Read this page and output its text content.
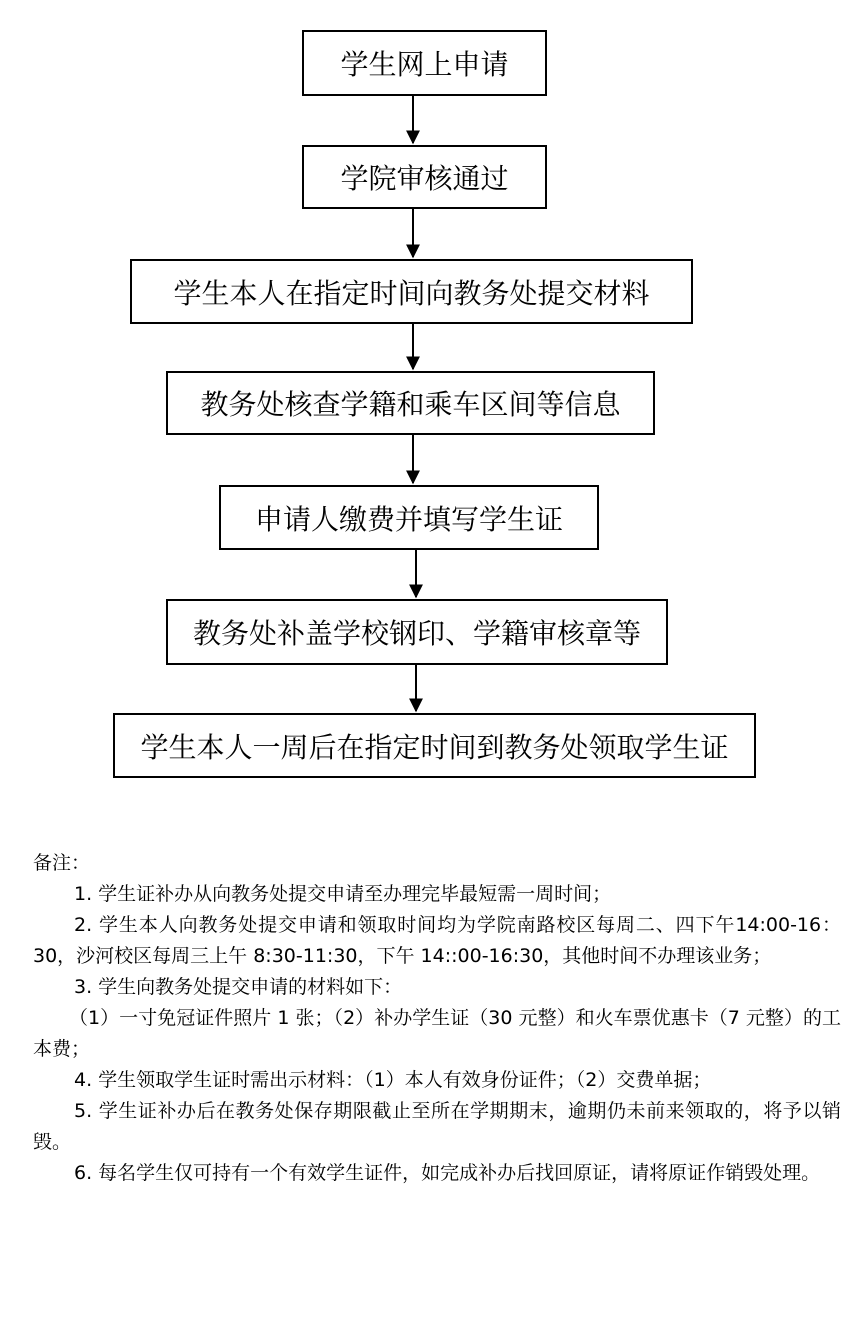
学生网上申请
学院审核通过
学生本人在指定时间向教务处提交材料
教务处核查学籍和乘车区间等信息
申请人缴费并填写学生证
教务处补盖学校钢印、学籍审核章等
学生本人一周后在指定时间到教务处领取学生证

备注：

1. 学生证补办从向教务处提交申请至办理完毕最短需一周时间；

2. 学生本人向教务处提交申请和领取时间均为学院南路校区每周二、四下午14:00-16：30，沙河校区每周三上午 8:30-11:30，下午 14::00-16:30，其他时间不办理该业务；

3. 学生向教务处提交申请的材料如下：

（1）一寸免冠证件照片 1 张；（2）补办学生证（30 元整）和火车票优惠卡（7 元整）的工本费；

4. 学生领取学生证时需出示材料：（1）本人有效身份证件；（2）交费单据；

5. 学生证补办后在教务处保存期限截止至所在学期期末，逾期仍未前来领取的，将予以销毁。

6. 每名学生仅可持有一个有效学生证件，如完成补办后找回原证，请将原证作销毁处理。
